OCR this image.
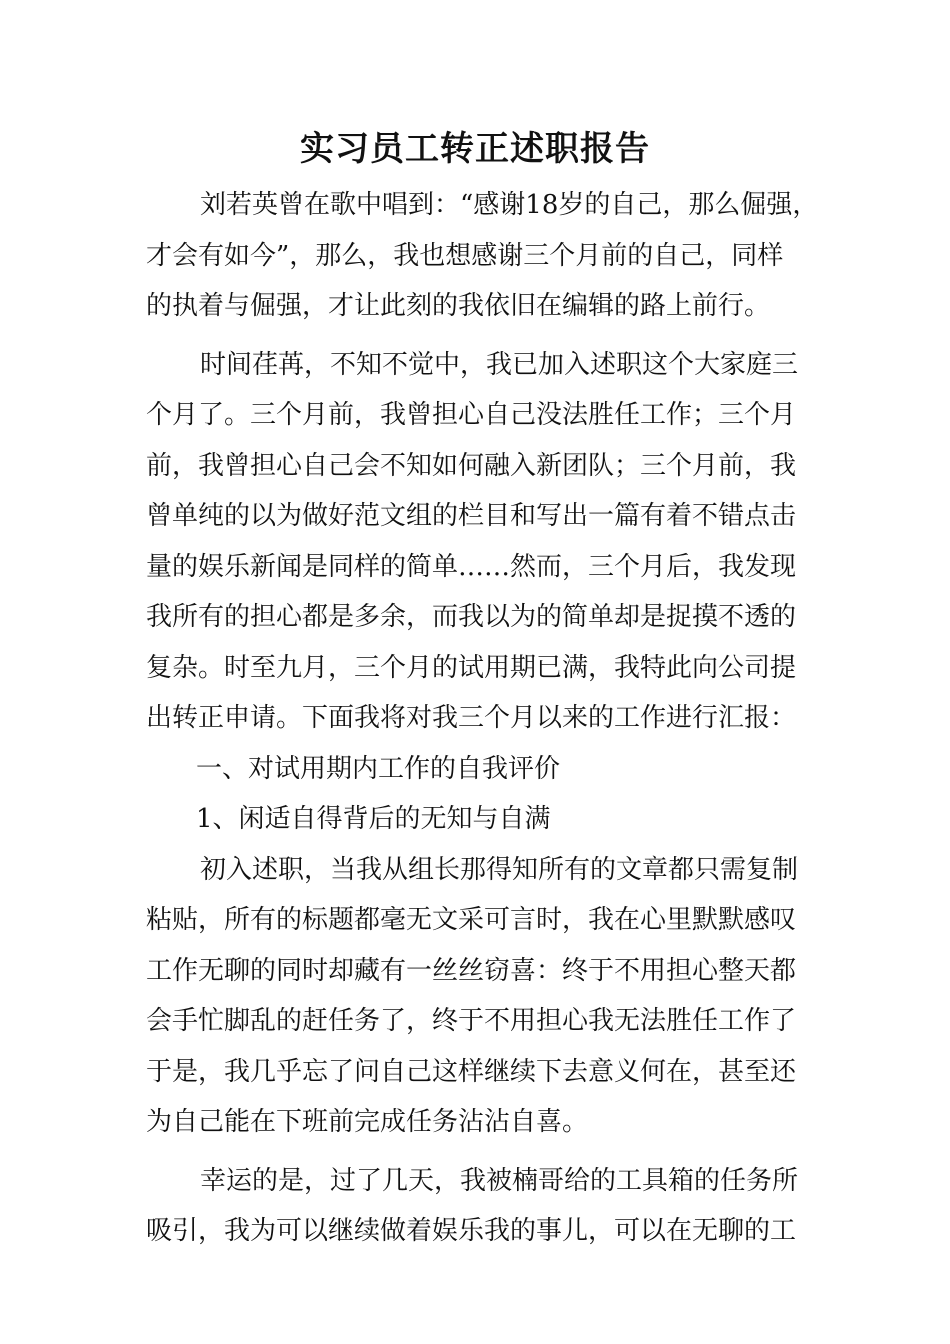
实习员工转正述职报告
刘若英曾在歌中唱到：“感谢18岁的自己，那么倔强，
才会有如今”，那么，我也想感谢三个月前的自己，同样
的执着与倔强，才让此刻的我依旧在编辑的路上前行。
时间荏苒，不知不觉中，我已加入述职这个大家庭三
个月了。三个月前，我曾担心自己没法胜任工作；三个月
前，我曾担心自己会不知如何融入新团队；三个月前，我
曾单纯的以为做好范文组的栏目和写出一篇有着不错点击
量的娱乐新闻是同样的简单……然而，三个月后，我发现
我所有的担心都是多余，而我以为的简单却是捉摸不透的
复杂。时至九月，三个月的试用期已满，我特此向公司提
出转正申请。下面我将对我三个月以来的工作进行汇报：
一、对试用期内工作的自我评价
1、闲适自得背后的无知与自满
初入述职，当我从组长那得知所有的文章都只需复制
粘贴，所有的标题都毫无文采可言时，我在心里默默感叹
工作无聊的同时却藏有一丝丝窃喜：终于不用担心整天都
会手忙脚乱的赶任务了，终于不用担心我无法胜任工作了
于是，我几乎忘了问自己这样继续下去意义何在，甚至还
为自己能在下班前完成任务沾沾自喜。
幸运的是，过了几天，我被楠哥给的工具箱的任务所
吸引，我为可以继续做着娱乐我的事儿，可以在无聊的工
